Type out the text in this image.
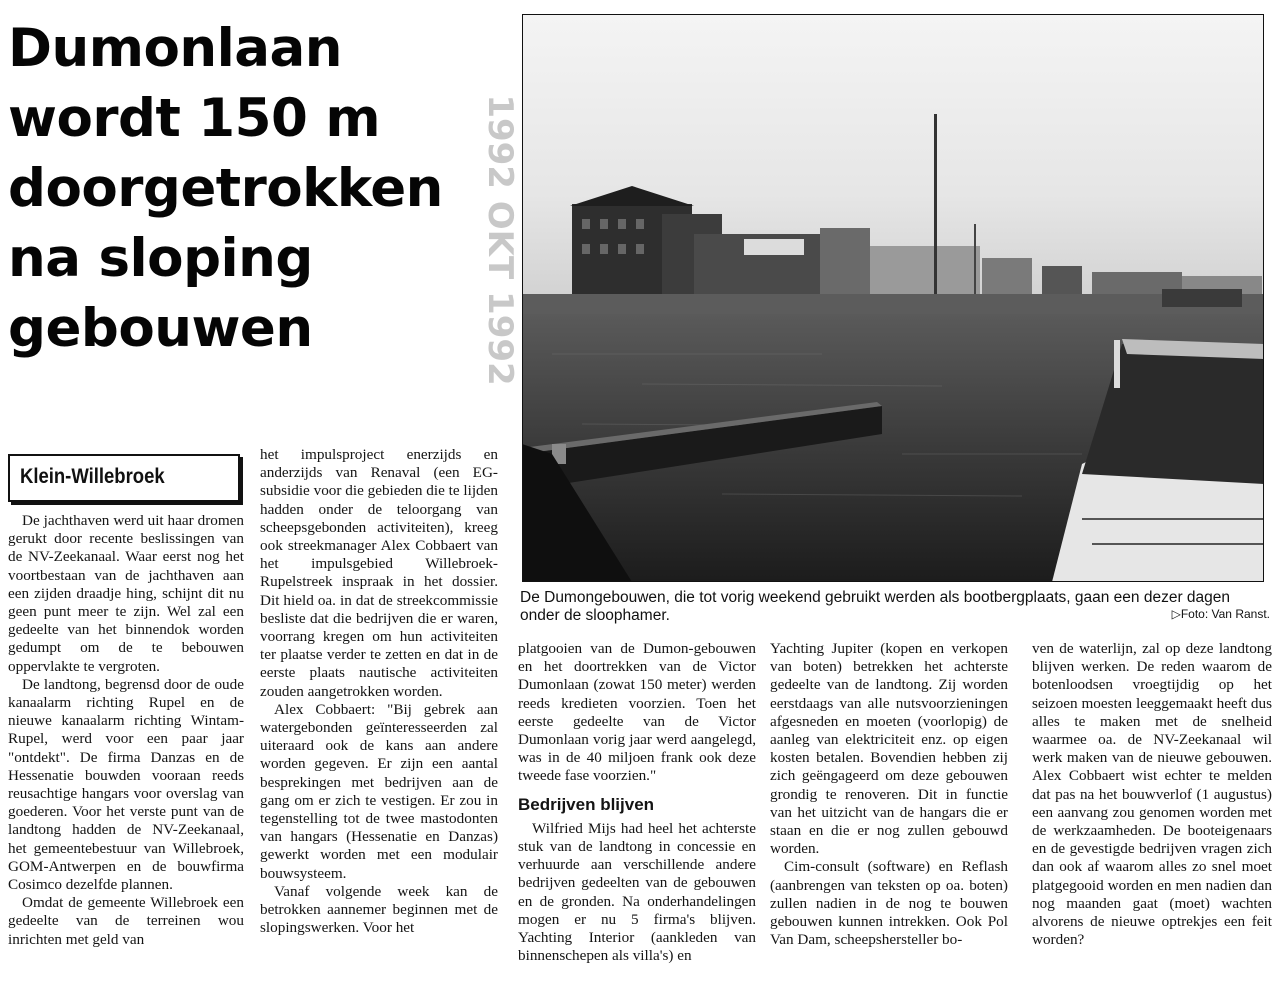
Dumonlaan
wordt 150 m
doorgetrokken
na sloping
gebouwen	1992 OKT 1992
Klein-Willebroek
De Dumongebouwen, die tot vorig weekend gebruikt werden als bootbergplaats, gaan een dezer dagen onder de sloophamer.	▷Foto: Van Ranst.

De jachthaven werd uit haar dromen gerukt door recente beslissingen van de NV-Zeekanaal. Waar eerst nog het voortbestaan van de jachthaven aan een zijden draadje hing, schijnt dit nu geen punt meer te zijn. Wel zal een gedeelte van het binnendok worden gedumpt om de te bebouwen oppervlakte te vergroten.

De landtong, begrensd door de oude kanaalarm richting Rupel en de nieuwe kanaalarm richting Wintam-Rupel, werd voor een paar jaar "ontdekt". De firma Danzas en de Hessenatie bouwden vooraan reeds reusachtige hangars voor overslag van goederen. Voor het verste punt van de landtong hadden de NV-Zeekanaal, het gemeentebestuur van Willebroek, GOM-Antwerpen en de bouwfirma Cosimco dezelfde plannen.

Omdat de gemeente Willebroek een gedeelte van de terreinen wou inrichten met geld van

het impulsproject enerzijds en anderzijds van Renaval (een EG-subsidie voor die gebieden die te lijden hadden onder de teloorgang van scheepsgebonden activiteiten), kreeg ook streekmanager Alex Cobbaert van het impulsgebied Willebroek-Rupelstreek inspraak in het dossier. Dit hield oa. in dat de streekcommissie besliste dat die bedrijven die er waren, voorrang kregen om hun activiteiten ter plaatse verder te zetten en dat in de eerste plaats nautische activiteiten zouden aangetrokken worden.

Alex Cobbaert: "Bij gebrek aan watergebonden geïnteresseerden zal uiteraard ook de kans aan andere worden gegeven. Er zijn een aantal besprekingen met bedrijven aan de gang om er zich te vestigen. Er zou in tegenstelling tot de twee mastodonten van hangars (Hessenatie en Danzas) gewerkt worden met een modulair bouwsysteem.

Vanaf volgende week kan de betrokken aannemer beginnen met de slopingswerken. Voor het

platgooien van de Dumon-gebouwen en het doortrekken van de Victor Dumonlaan (zowat 150 meter) werden reeds kredieten voorzien. Toen het eerste gedeelte van de Victor Dumonlaan vorig jaar werd aangelegd, was in de 40 miljoen frank ook deze tweede fase voorzien."

Bedrijven blijven

Wilfried Mijs had heel het achterste stuk van de landtong in concessie en verhuurde aan verschillende andere bedrijven gedeelten van de gebouwen en de gronden. Na onderhandelingen mogen er nu 5 firma's blijven. Yachting Interior (aankleden van binnenschepen als villa's) en

Yachting Jupiter (kopen en verkopen van boten) betrekken het achterste gedeelte van de landtong. Zij worden eerstdaags van alle nutsvoorzieningen afgesneden en moeten (voorlopig) de aanleg van elektriciteit enz. op eigen kosten betalen. Bovendien hebben zij zich geëngageerd om deze gebouwen grondig te renoveren. Dit in functie van het uitzicht van de hangars die er staan en die er nog zullen gebouwd worden.

Cim-consult (software) en Reflash (aanbrengen van teksten op oa. boten) zullen nadien in de nog te bouwen gebouwen kunnen intrekken. Ook Pol Van Dam, scheepshersteller bo-

ven de waterlijn, zal op deze landtong blijven werken. De reden waarom de botenloodsen vroegtijdig op het seizoen moesten leeggemaakt heeft dus alles te maken met de snelheid waarmee oa. de NV-Zeekanaal wil werk maken van de nieuwe gebouwen. Alex Cobbaert wist echter te melden dat pas na het bouwverlof (1 augustus) een aanvang zou genomen worden met de werkzaamheden. De booteigenaars en de gevestigde bedrijven vragen zich dan ook af waarom alles zo snel moet platgegooid worden en men nadien dan nog maanden gaat (moet) wachten alvorens de nieuwe optrekjes een feit worden?
